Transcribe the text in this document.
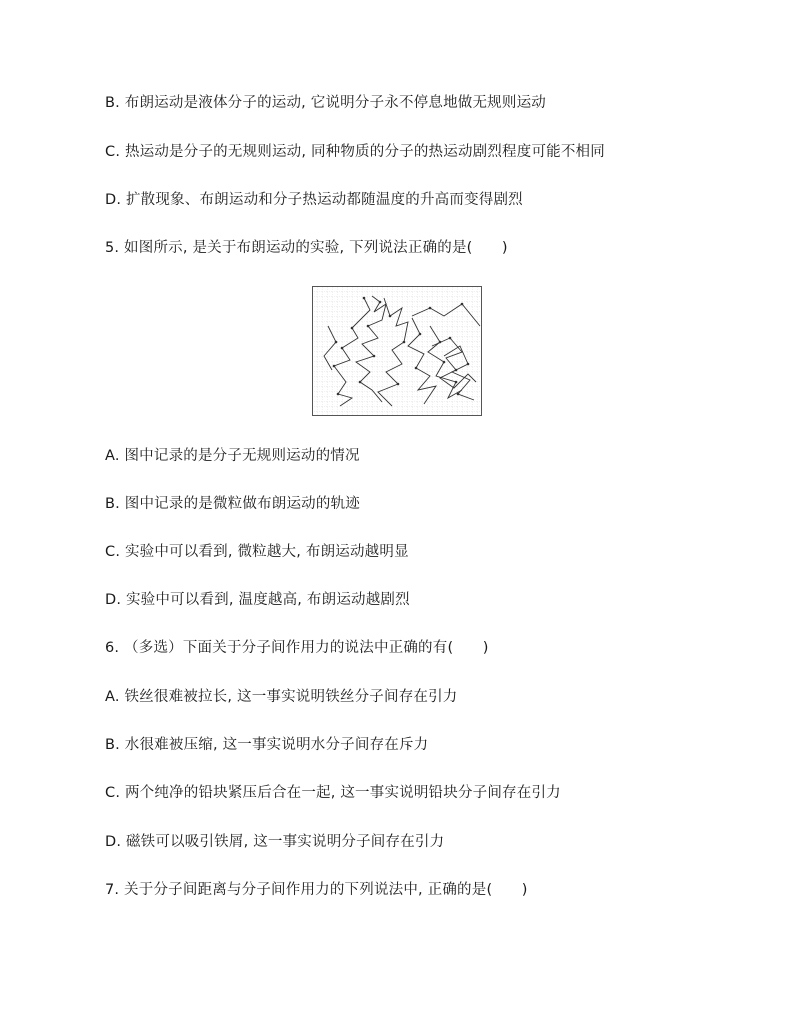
B. 布朗运动是液体分子的运动, 它说明分子永不停息地做无规则运动
C. 热运动是分子的无规则运动, 同种物质的分子的热运动剧烈程度可能不相同
D. 扩散现象、布朗运动和分子热运动都随温度的升高而变得剧烈
5. 如图所示, 是关于布朗运动的实验, 下列说法正确的是(　　)
A. 图中记录的是分子无规则运动的情况
B. 图中记录的是微粒做布朗运动的轨迹
C. 实验中可以看到, 微粒越大, 布朗运动越明显
D. 实验中可以看到, 温度越高, 布朗运动越剧烈
6. （多选）下面关于分子间作用力的说法中正确的有(　　)
A. 铁丝很难被拉长, 这一事实说明铁丝分子间存在引力
B. 水很难被压缩, 这一事实说明水分子间存在斥力
C. 两个纯净的铅块紧压后合在一起, 这一事实说明铅块分子间存在引力
D. 磁铁可以吸引铁屑, 这一事实说明分子间存在引力
7. 关于分子间距离与分子间作用力的下列说法中, 正确的是(　　)
